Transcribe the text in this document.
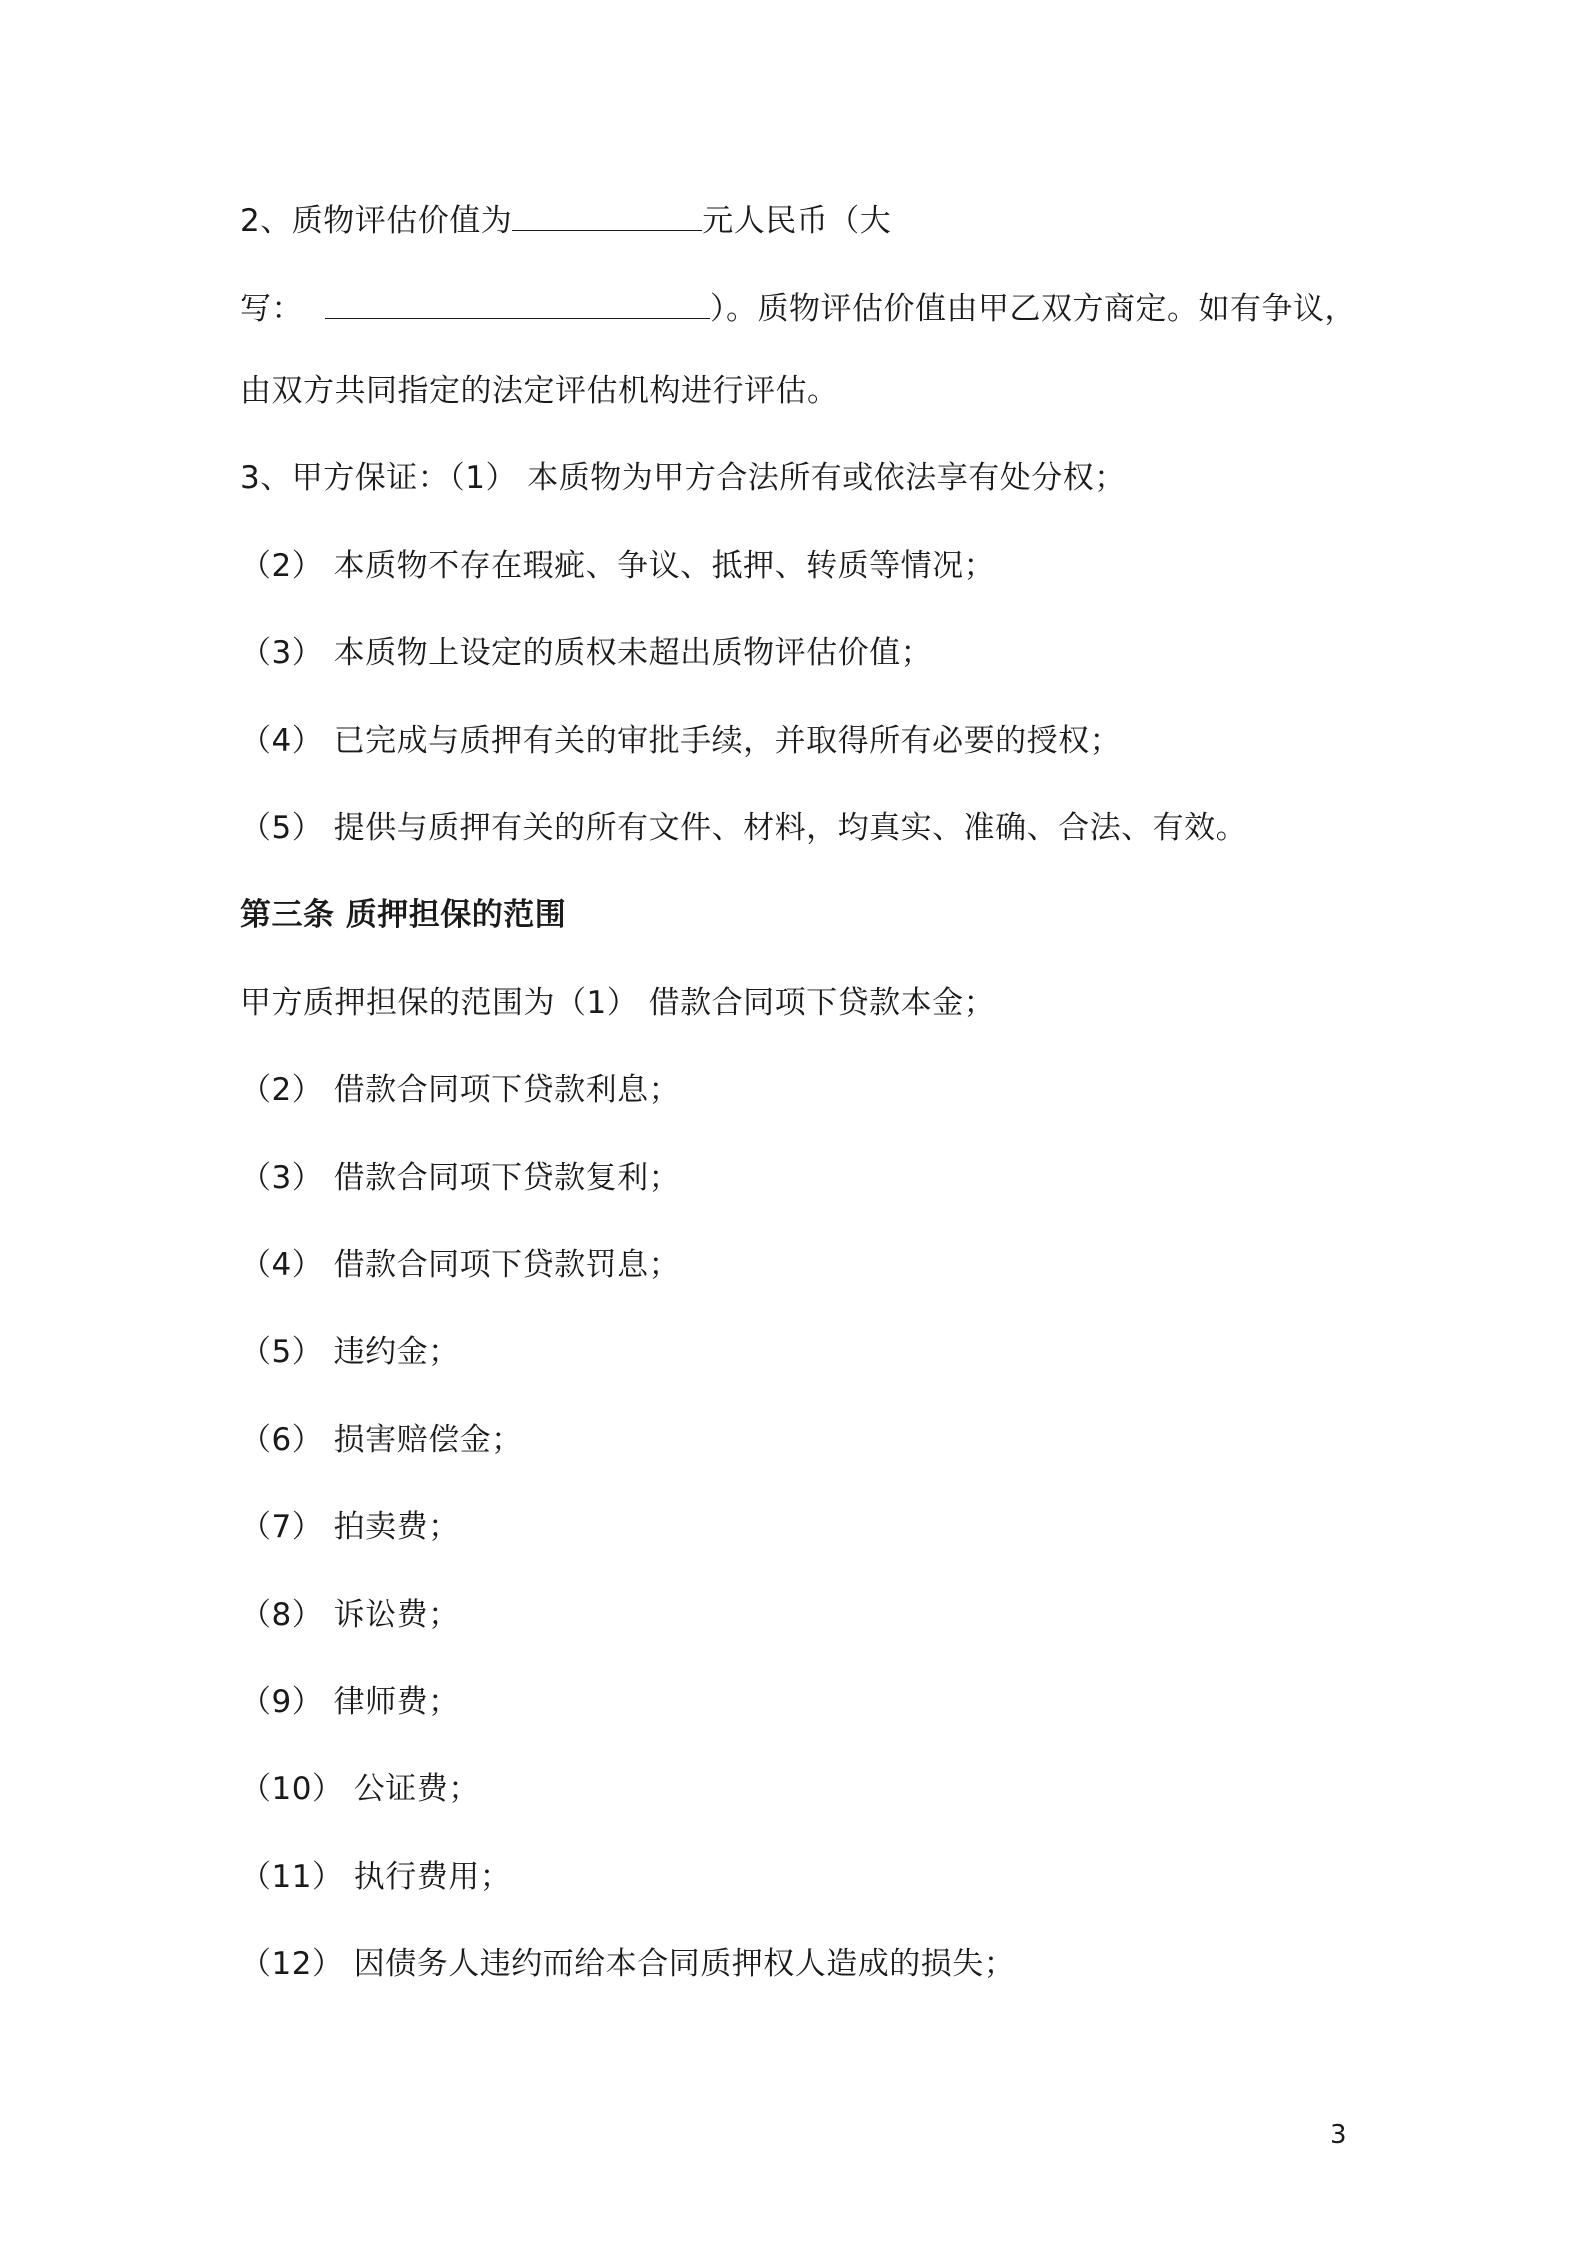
2、质物评估价值为	元人民币（大
写：	）。质物评估价值由甲乙双方商定。如有争议，
由双方共同指定的法定评估机构进行评估。
3、甲方保证：（1） 本质物为甲方合法所有或依法享有处分权；
（2） 本质物不存在瑕疵、争议、抵押、转质等情况；
（3） 本质物上设定的质权未超出质物评估价值；
（4） 已完成与质押有关的审批手续，并取得所有必要的授权；
（5） 提供与质押有关的所有文件、材料，均真实、准确、合法、有效。
第三条 质押担保的范围
甲方质押担保的范围为（1） 借款合同项下贷款本金；
（2） 借款合同项下贷款利息；
（3） 借款合同项下贷款复利；
（4） 借款合同项下贷款罚息；
（5） 违约金；
（6） 损害赔偿金；
（7） 拍卖费；
（8） 诉讼费；
（9） 律师费；
（10） 公证费；
（11） 执行费用；
（12） 因债务人违约而给本合同质押权人造成的损失；
3
